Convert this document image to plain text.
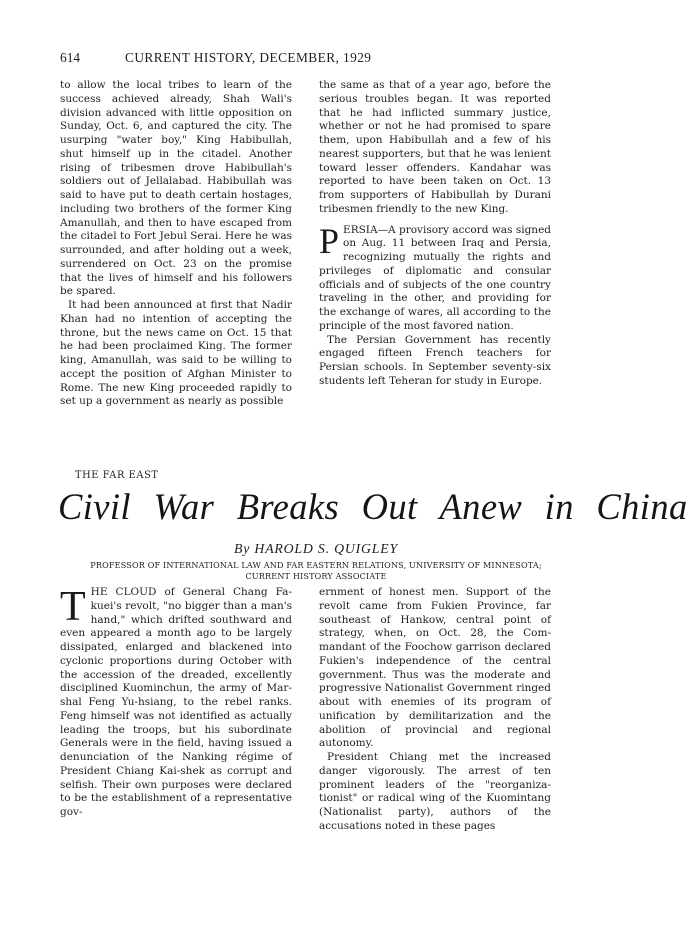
614	CURRENT HISTORY, DECEMBER, 1929

to allow the local tribes to learn of the success achieved already, Shah Wali's division advanced with little opposition on Sunday, Oct. 6, and captured the city. The usurping "water boy," King Habibullah, shut himself up in the citadel. Another rising of tribesmen drove Habibullah's soldiers out of Jellalabad. Habibullah was said to have put to death certain hostages, including two brothers of the former King Amanullah, and then to have escaped from the citadel to Fort Jebul Serai. Here he was surrounded, and after holding out a week, surrendered on Oct. 23 on the promise that the lives of himself and his followers be spared.

It had been announced at first that Nadir Khan had no intention of accepting the throne, but the news came on Oct. 15 that he had been proclaimed King. The former king, Amanullah, was said to be willing to accept the position of Afghan Minister to Rome. The new King proceeded rapidly to set up a government as nearly as possible

the same as that of a year ago, before the serious troubles began. It was reported that he had inflicted summary justice, whether or not he had promised to spare them, upon Habibullah and a few of his nearest supporters, but that he was lenient toward lesser offenders. Kandahar was reported to have been taken on Oct. 13 from supporters of Habibullah by Durani tribesmen friendly to the new King.

PERSIA—A provisory accord was signed on Aug. 11 between Iraq and Persia, recognizing mutually the rights and privileges of diplomatic and consular officials and of subjects of the one country traveling in the other, and providing for the exchange of wares, all according to the principle of the most favored nation.

The Persian Government has recently engaged fifteen French teachers for Persian schools. In September seventy-six students left Teheran for study in Europe.

THE FAR EAST
Civil War Breaks Out Anew in China
By HAROLD S. QUIGLEY
PROFESSOR OF INTERNATIONAL LAW AND FAR EASTERN RELATIONS, UNIVERSITY OF MINNESOTA;
CURRENT HISTORY ASSOCIATE

THE CLOUD of General Chang Fa-kuei's revolt, "no bigger than a man's hand," which drifted southward and even appeared a month ago to be largely dissipated, enlarged and blackened into cyclonic proportions during October with the accession of the dreaded, excellently disciplined Kuominchun, the army of Marshal Feng Yu-hsiang, to the rebel ranks. Feng himself was not identified as actually leading the troops, but his subordinate Generals were in the field, having issued a denunciation of the Nanking régime of President Chiang Kai-shek as corrupt and selfish. Their own purposes were declared to be the establishment of a representative gov-

ernment of honest men. Support of the revolt came from Fukien Province, far southeast of Hankow, central point of strategy, when, on Oct. 28, the Commandant of the Foochow garrison declared Fukien's independence of the central government. Thus was the moderate and progressive Nationalist Government ringed about with enemies of its program of unification by demilitarization and the abolition of provincial and regional autonomy.

President Chiang met the increased danger vigorously. The arrest of ten prominent leaders of the "reorganizationist" or radical wing of the Kuomintang (Nationalist party), authors of the accusations noted in these pages
